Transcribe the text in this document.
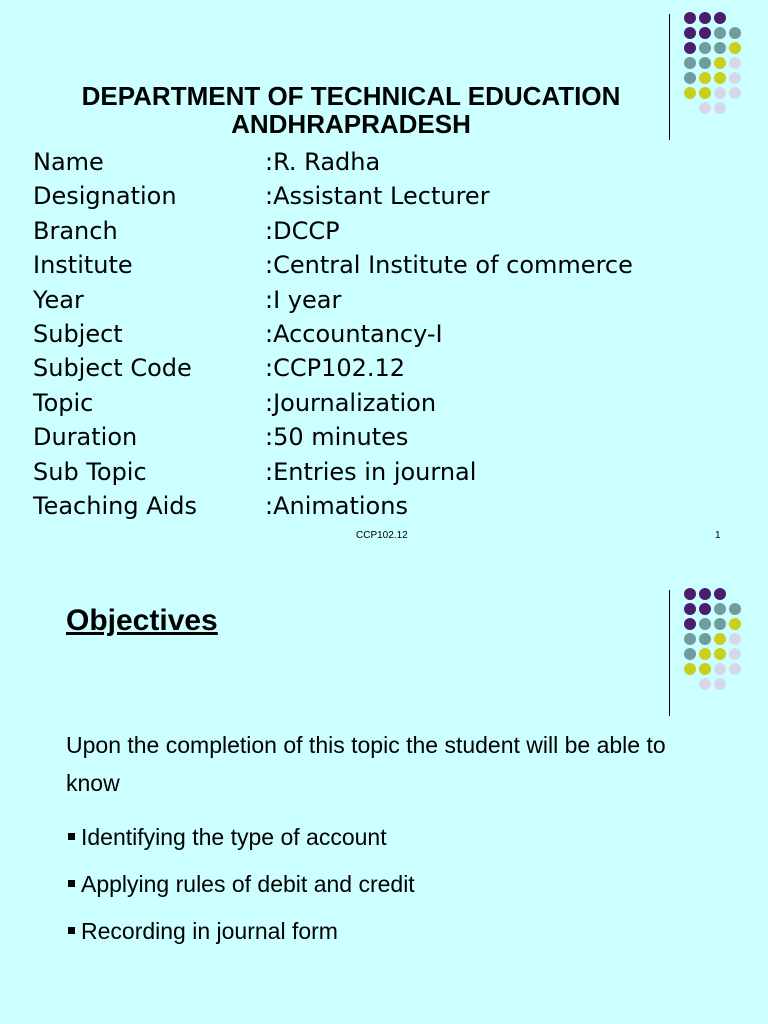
DEPARTMENT OF TECHNICAL EDUCATION
ANDHRAPRADESH
Name	:R. Radha
Designation	:Assistant Lecturer
Branch	:DCCP
Institute	:Central Institute of commerce
Year	:I year
Subject	:Accountancy-I
Subject Code	:CCP102.12
Topic	:Journalization
Duration	:50 minutes
Sub Topic	:Entries in journal
Teaching Aids	:Animations
CCP102.12	1
Objectives
Upon the completion of this topic the student will be able to know
Identifying the type of account
Applying rules of debit and credit
Recording in journal form
